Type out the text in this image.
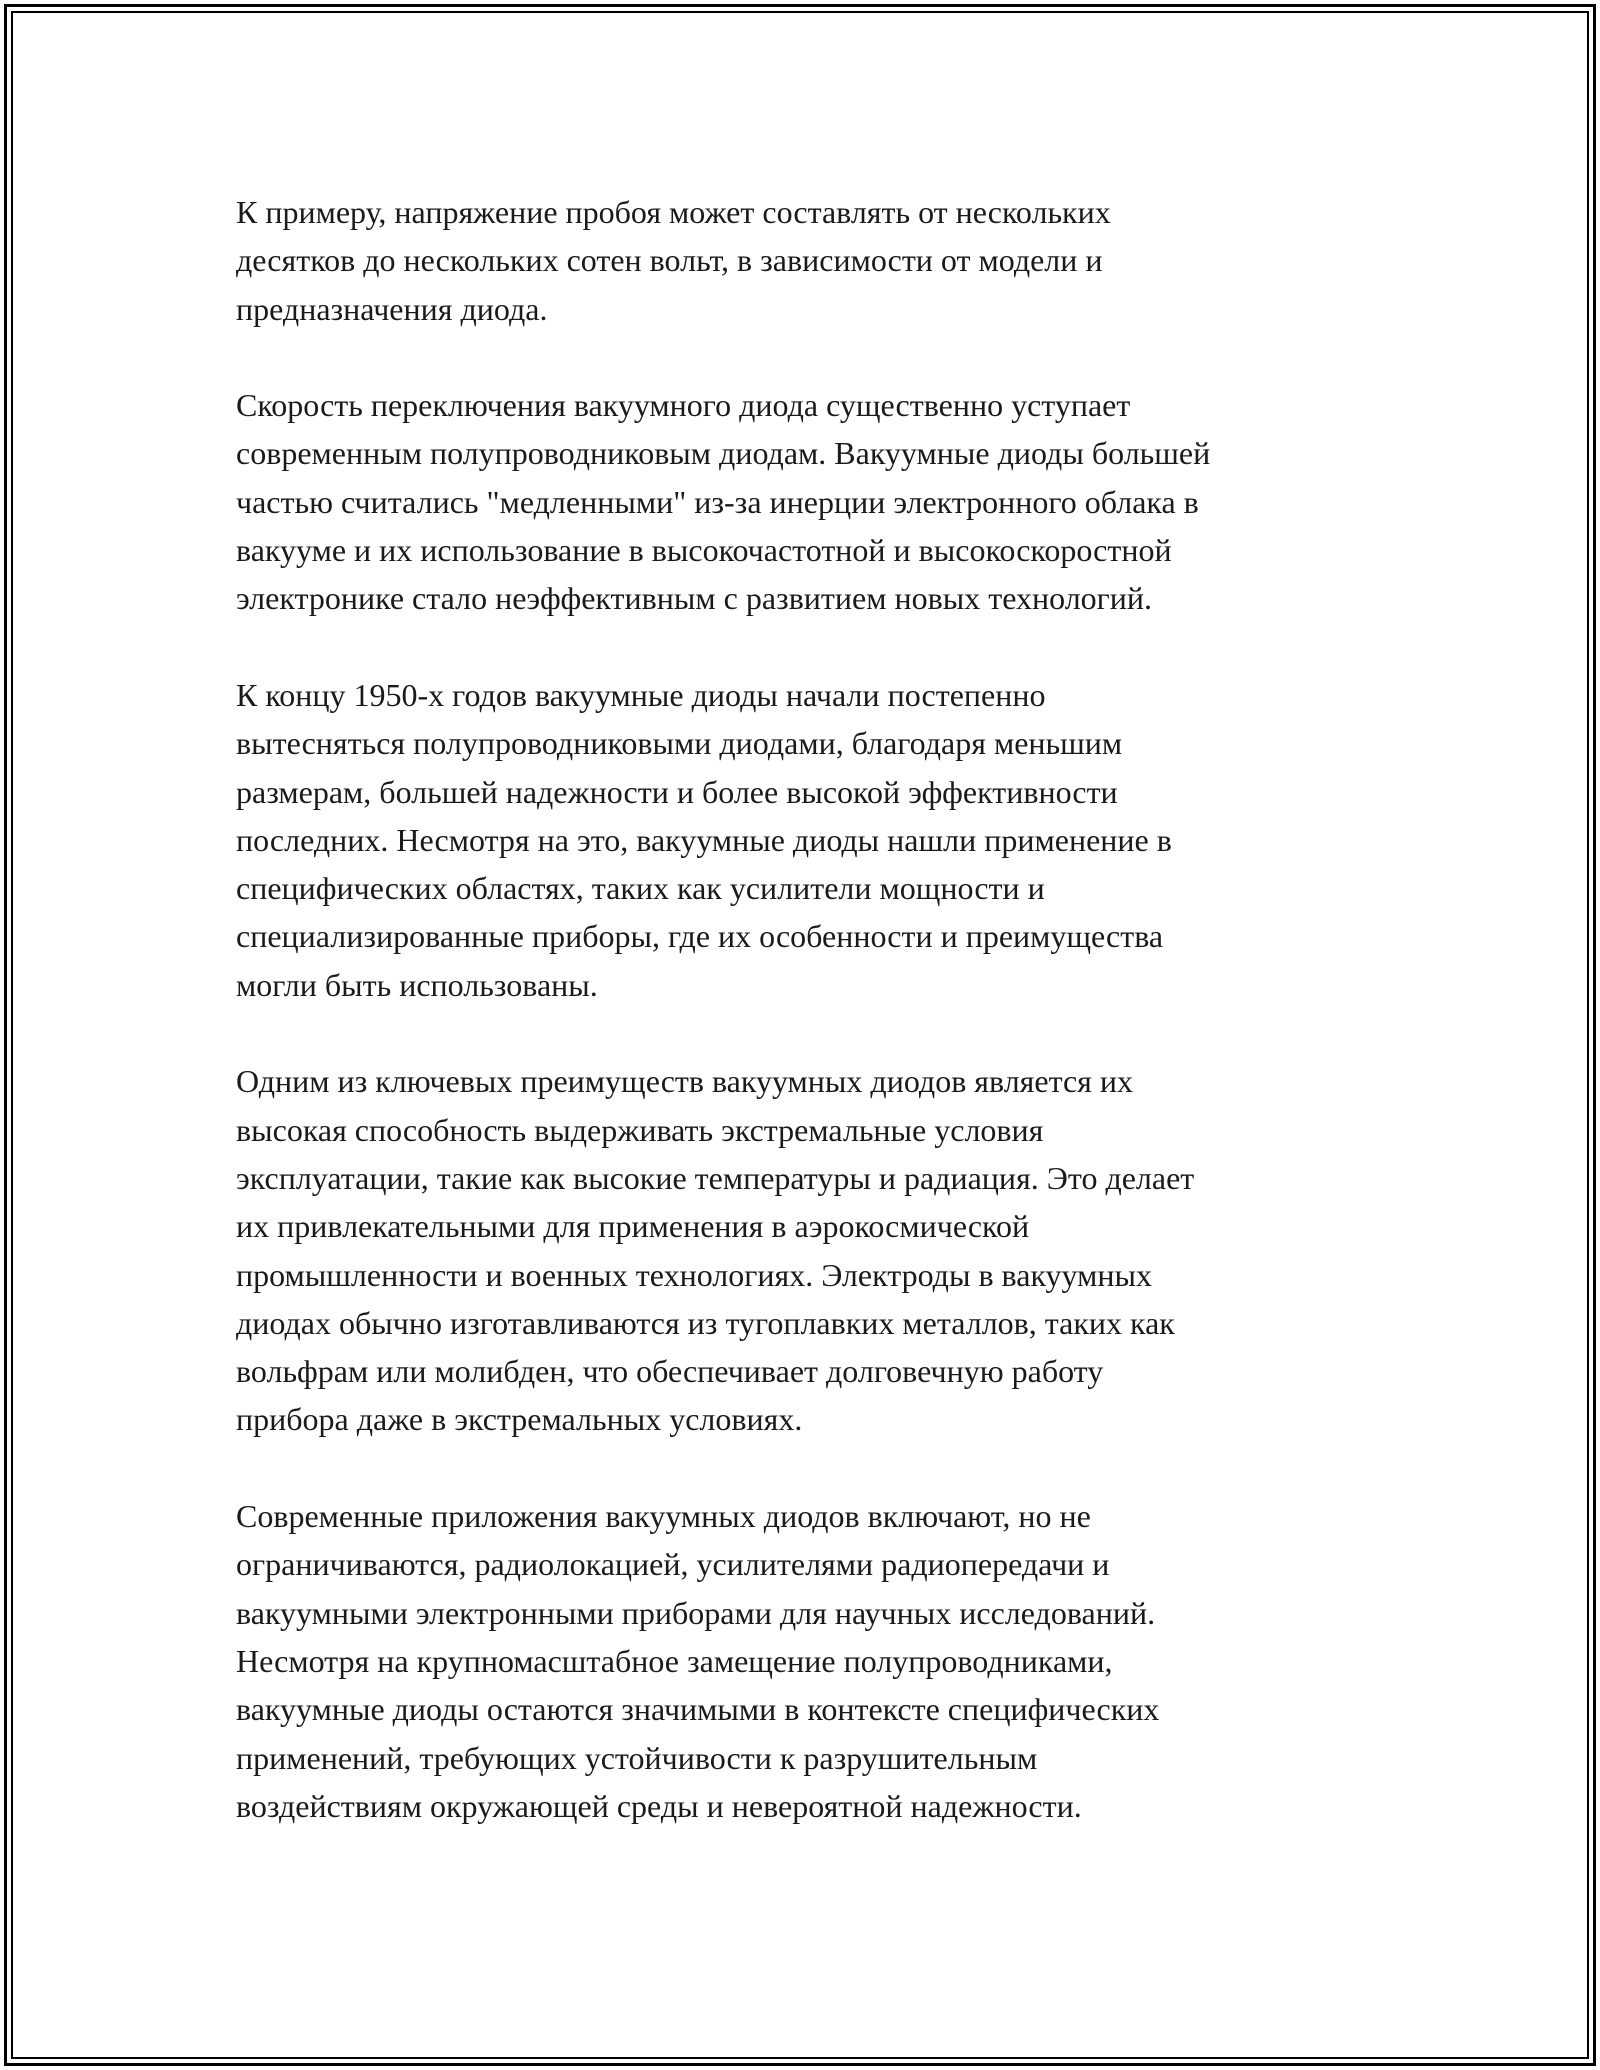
К примеру, напряжение пробоя может составлять от нескольких
десятков до нескольких сотен вольт, в зависимости от модели и
предназначения диода.

Скорость переключения вакуумного диода существенно уступает
современным полупроводниковым диодам. Вакуумные диоды большей
частью считались "медленными" из-за инерции электронного облака в
вакууме и их использование в высокочастотной и высокоскоростной
электронике стало неэффективным с развитием новых технологий.

К концу 1950-х годов вакуумные диоды начали постепенно
вытесняться полупроводниковыми диодами, благодаря меньшим
размерам, большей надежности и более высокой эффективности
последних. Несмотря на это, вакуумные диоды нашли применение в
специфических областях, таких как усилители мощности и
специализированные приборы, где их особенности и преимущества
могли быть использованы.

Одним из ключевых преимуществ вакуумных диодов является их
высокая способность выдерживать экстремальные условия
эксплуатации, такие как высокие температуры и радиация. Это делает
их привлекательными для применения в аэрокосмической
промышленности и военных технологиях. Электроды в вакуумных
диодах обычно изготавливаются из тугоплавких металлов, таких как
вольфрам или молибден, что обеспечивает долговечную работу
прибора даже в экстремальных условиях.

Современные приложения вакуумных диодов включают, но не
ограничиваются, радиолокацией, усилителями радиопередачи и
вакуумными электронными приборами для научных исследований.
Несмотря на крупномасштабное замещение полупроводниками,
вакуумные диоды остаются значимыми в контексте специфических
применений, требующих устойчивости к разрушительным
воздействиям окружающей среды и невероятной надежности.
